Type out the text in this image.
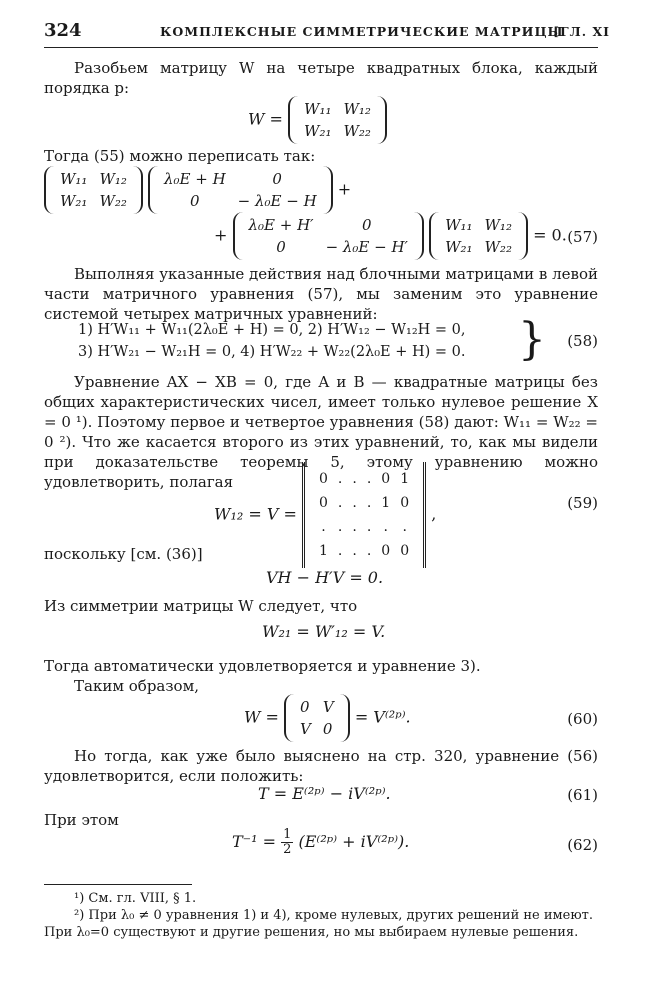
324	КОМПЛЕКСНЫЕ СИММЕТРИЧЕСКИЕ МАТРИЦЫ
[ГЛ. XI
Разобьем матрицу W на четыре квадратных блока, каждый порядка p:
W =
W₁₁	W₁₂
W₂₁	W₂₂
Тогда (55) можно переписать так:
W₁₁	W₁₂
W₂₁	W₂₂

λ₀E + H	0
0	− λ₀E − H
+
+
λ₀E + H′	0
0	− λ₀E − H′

W₁₁	W₁₂
W₂₁	W₂₂
= 0. (57)
Выполняя указанные действия над блочными матрицами в левой части матричного уравнения (57), мы заменим это уравнение системой четырех матричных уравнений:
1) H′W₁₁ + W₁₁(2λ₀E + H) = 0, 2) H′W₁₂ − W₁₂H = 0,
3) H′W₂₁ − W₂₁H = 0, 4) H′W₂₂ + W₂₂(2λ₀E + H) = 0. } (58)
Уравнение AX − XB = 0, где A и B — квадратные матрицы без общих характеристических чисел, имеет только нулевое решение X = 0 ¹). Поэтому первое и четвертое уравнения (58) дают: W₁₁ = W₂₂ = 0 ²). Что же касается второго из этих уравнений, то, как мы видели при доказательстве теоремы 5, этому уравнению можно удовлетворить, полагая
W₁₂ = V =
0	.	.	.	0	1
0	.	.	.	1	0
.	.	.	.	.	.
1	.	.	.	0	0
,
(59)
поскольку [см. (36)]
VH − H′V = 0.
Из симметрии матрицы W следует, что
W₂₁ = W′₁₂ = V.
Тогда автоматически удовлетворяется и уравнение 3).
Таким образом,
W =
0	V
V	0
= V⁽²ᵖ⁾.	(60)
Но тогда, как уже было выяснено на стр. 320, уравнение (56) удовлетворится, если положить:
T = E⁽²ᵖ⁾ − iV⁽²ᵖ⁾.	(61)
При этом
$T^{-1} = \frac{1}{2}$ (E⁽²ᵖ⁾ + iV⁽²ᵖ⁾).	(62)
¹) См. гл. VIII, § 1.
²) При λ₀ ≠ 0 уравнения 1) и 4), кроме нулевых, других решений не имеют.
При λ₀=0 существуют и другие решения, но мы выбираем нулевые решения.
